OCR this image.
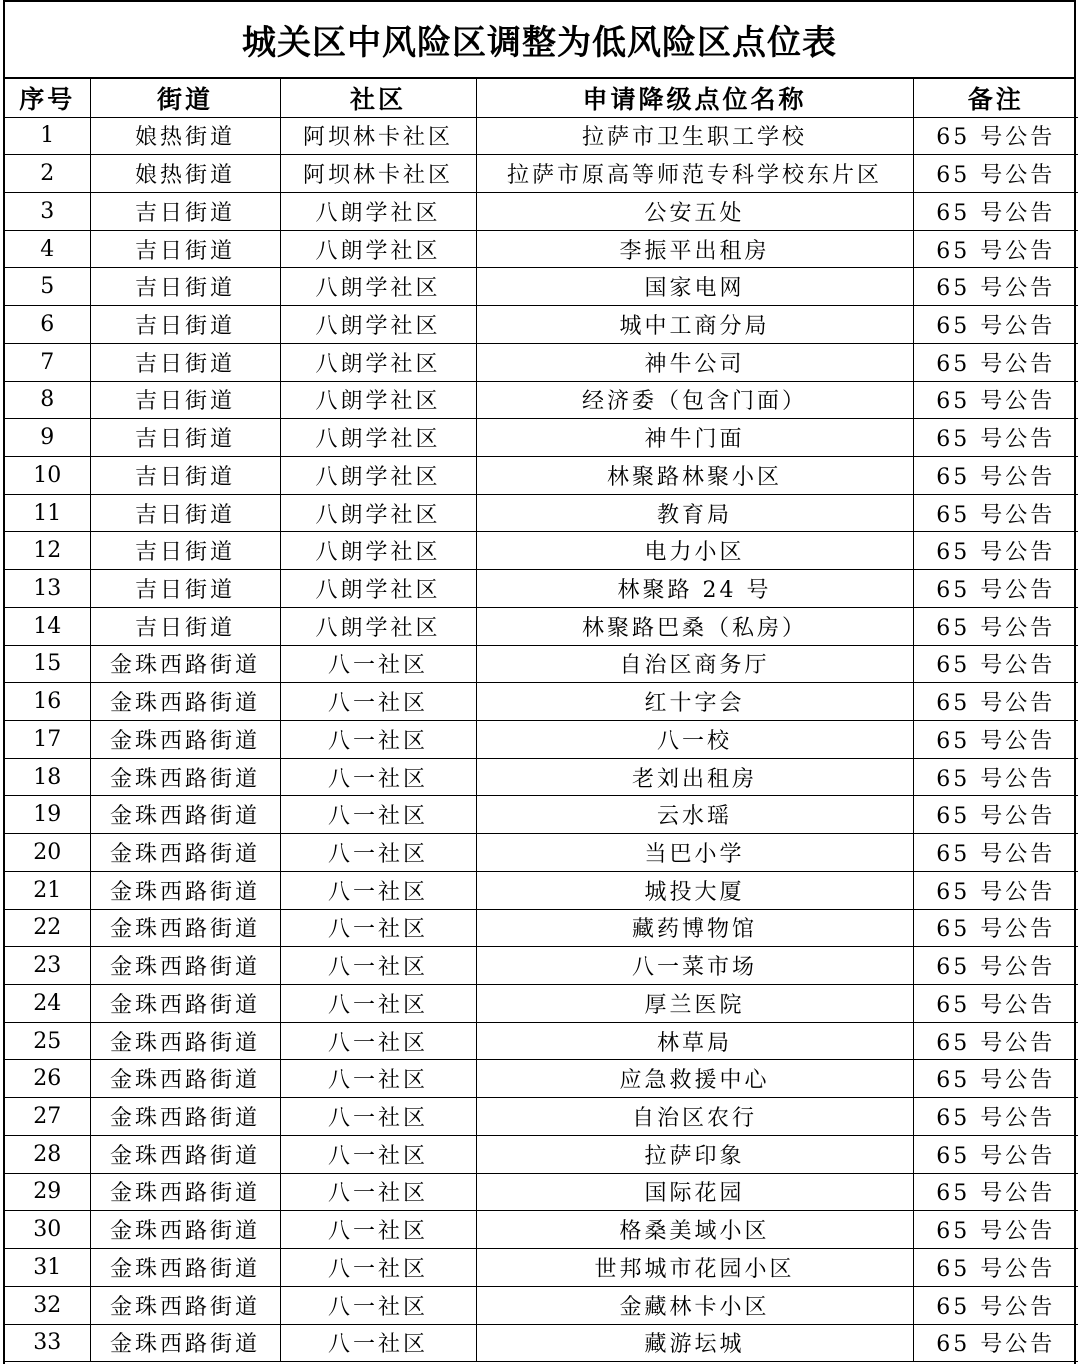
城关区中风险区调整为低风险区点位表
序号	街道	社区	申请降级点位名称	备注
1	娘热街道	阿坝林卡社区	拉萨市卫生职工学校	65 号公告
2	娘热街道	阿坝林卡社区	拉萨市原高等师范专科学校东片区	65 号公告
3	吉日街道	八朗学社区	公安五处	65 号公告
4	吉日街道	八朗学社区	李振平出租房	65 号公告
5	吉日街道	八朗学社区	国家电网	65 号公告
6	吉日街道	八朗学社区	城中工商分局	65 号公告
7	吉日街道	八朗学社区	神牛公司	65 号公告
8	吉日街道	八朗学社区	经济委（包含门面）	65 号公告
9	吉日街道	八朗学社区	神牛门面	65 号公告
10	吉日街道	八朗学社区	林聚路林聚小区	65 号公告
11	吉日街道	八朗学社区	教育局	65 号公告
12	吉日街道	八朗学社区	电力小区	65 号公告
13	吉日街道	八朗学社区	林聚路 24 号	65 号公告
14	吉日街道	八朗学社区	林聚路巴桑（私房）	65 号公告
15	金珠西路街道	八一社区	自治区商务厅	65 号公告
16	金珠西路街道	八一社区	红十字会	65 号公告
17	金珠西路街道	八一社区	八一校	65 号公告
18	金珠西路街道	八一社区	老刘出租房	65 号公告
19	金珠西路街道	八一社区	云水瑶	65 号公告
20	金珠西路街道	八一社区	当巴小学	65 号公告
21	金珠西路街道	八一社区	城投大厦	65 号公告
22	金珠西路街道	八一社区	藏药博物馆	65 号公告
23	金珠西路街道	八一社区	八一菜市场	65 号公告
24	金珠西路街道	八一社区	厚兰医院	65 号公告
25	金珠西路街道	八一社区	林草局	65 号公告
26	金珠西路街道	八一社区	应急救援中心	65 号公告
27	金珠西路街道	八一社区	自治区农行	65 号公告
28	金珠西路街道	八一社区	拉萨印象	65 号公告
29	金珠西路街道	八一社区	国际花园	65 号公告
30	金珠西路街道	八一社区	格桑美域小区	65 号公告
31	金珠西路街道	八一社区	世邦城市花园小区	65 号公告
32	金珠西路街道	八一社区	金藏林卡小区	65 号公告
33	金珠西路街道	八一社区	藏游坛城	65 号公告
